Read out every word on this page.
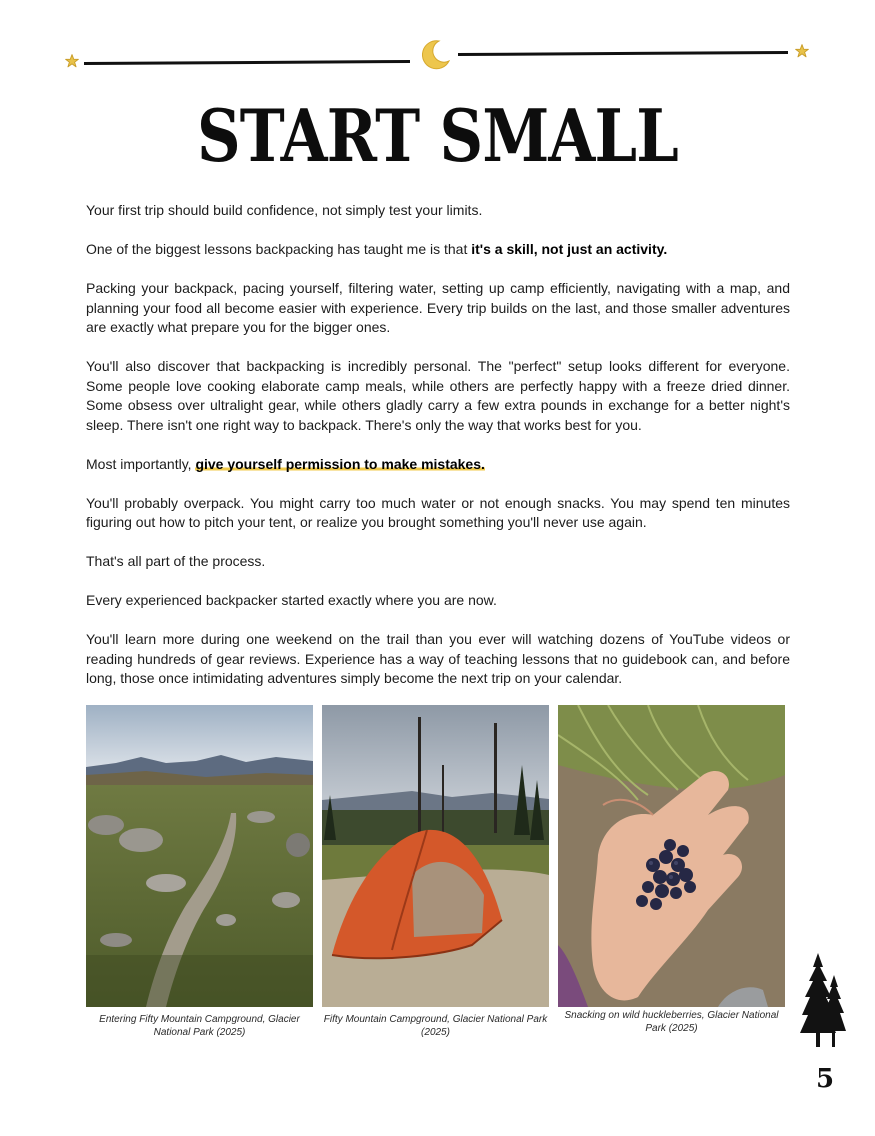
START SMALL

Your first trip should build confidence, not simply test your limits.

One of the biggest lessons backpacking has taught me is that it's a skill, not just an activity.

Packing your backpack, pacing yourself, filtering water, setting up camp efficiently, navigating with a map, and planning your food all become easier with experience. Every trip builds on the last, and those smaller adventures are exactly what prepare you for the bigger ones.

You'll also discover that backpacking is incredibly personal. The "perfect" setup looks different for everyone. Some people love cooking elaborate camp meals, while others are perfectly happy with a freeze dried dinner. Some obsess over ultralight gear, while others gladly carry a few extra pounds in exchange for a better night's sleep. There isn't one right way to backpack. There's only the way that works best for you.

Most importantly, give yourself permission to make mistakes.

You'll probably overpack. You might carry too much water or not enough snacks. You may spend ten minutes figuring out how to pitch your tent, or realize you brought something you'll never use again.

That's all part of the process.

Every experienced backpacker started exactly where you are now.

You'll learn more during one weekend on the trail than you ever will watching dozens of YouTube videos or reading hundreds of gear reviews. Experience has a way of teaching lessons that no guidebook can, and before long, those once intimidating adventures simply become the next trip on your calendar.

Entering Fifty Mountain Campground, Glacier National Park (2025)
Fifty Mountain Campground, Glacier National Park (2025)
Snacking on wild huckleberries, Glacier National Park (2025)
5
